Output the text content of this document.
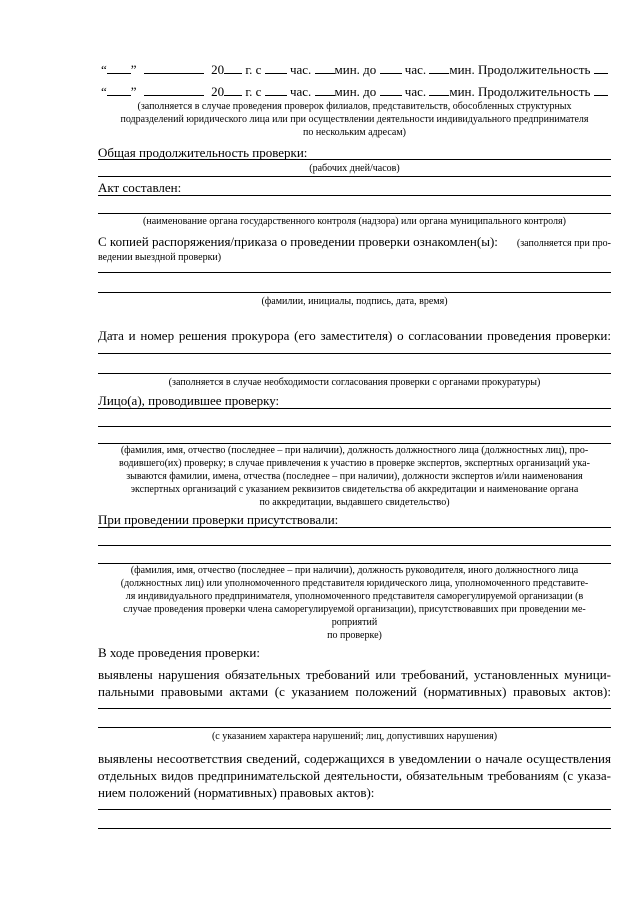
“ ”	20 г. с час. мин. до час. мин. Продолжительность
“ ”	20 г. с час. мин. до час. мин. Продолжительность
(заполняется в случае проведения проверок филиалов, представительств, обособленных структурных
подразделений юридического лица или при осуществлении деятельности индивидуального предпринимателя
по нескольким адресам)
Общая продолжительность проверки:
(рабочих дней/часов)
Акт составлен:
(наименование органа государственного контроля (надзора) или органа муниципального контроля)
С копией распоряжения/приказа о проведении проверки ознакомлен(ы): (заполняется при про-
ведении выездной проверки)
(фамилии, инициалы, подпись, дата, время)
Дата и номер решения прокурора (его заместителя) о согласовании проведения проверки:
(заполняется в случае необходимости согласования проверки с органами прокуратуры)
Лицо(а), проводившее проверку:
(фамилия, имя, отчество (последнее – при наличии), должность должностного лица (должностных лиц), про-
водившего(их) проверку; в случае привлечения к участию в проверке экспертов, экспертных организаций ука-
зываются фамилии, имена, отчества (последнее – при наличии), должности экспертов и/или наименования
экспертных организаций с указанием реквизитов свидетельства об аккредитации и наименование органа
по аккредитации, выдавшего свидетельство)
При проведении проверки присутствовали:
(фамилия, имя, отчество (последнее – при наличии), должность руководителя, иного должностного лица
(должностных лиц) или уполномоченного представителя юридического лица, уполномоченного представите-
ля индивидуального предпринимателя, уполномоченного представителя саморегулируемой организации (в
случае проведения проверки члена саморегулируемой организации), присутствовавших при проведении ме-
роприятий
по проверке)
В ходе проведения проверки:
выявлены нарушения обязательных требований или требований, установленных муници-
пальными правовыми актами (с указанием положений (нормативных) правовых актов):
(с указанием характера нарушений; лиц, допустивших нарушения)
выявлены несоответствия сведений, содержащихся в уведомлении о начале осуществления
отдельных видов предпринимательской деятельности, обязательным требованиям (с указа-
нием положений (нормативных) правовых актов):
